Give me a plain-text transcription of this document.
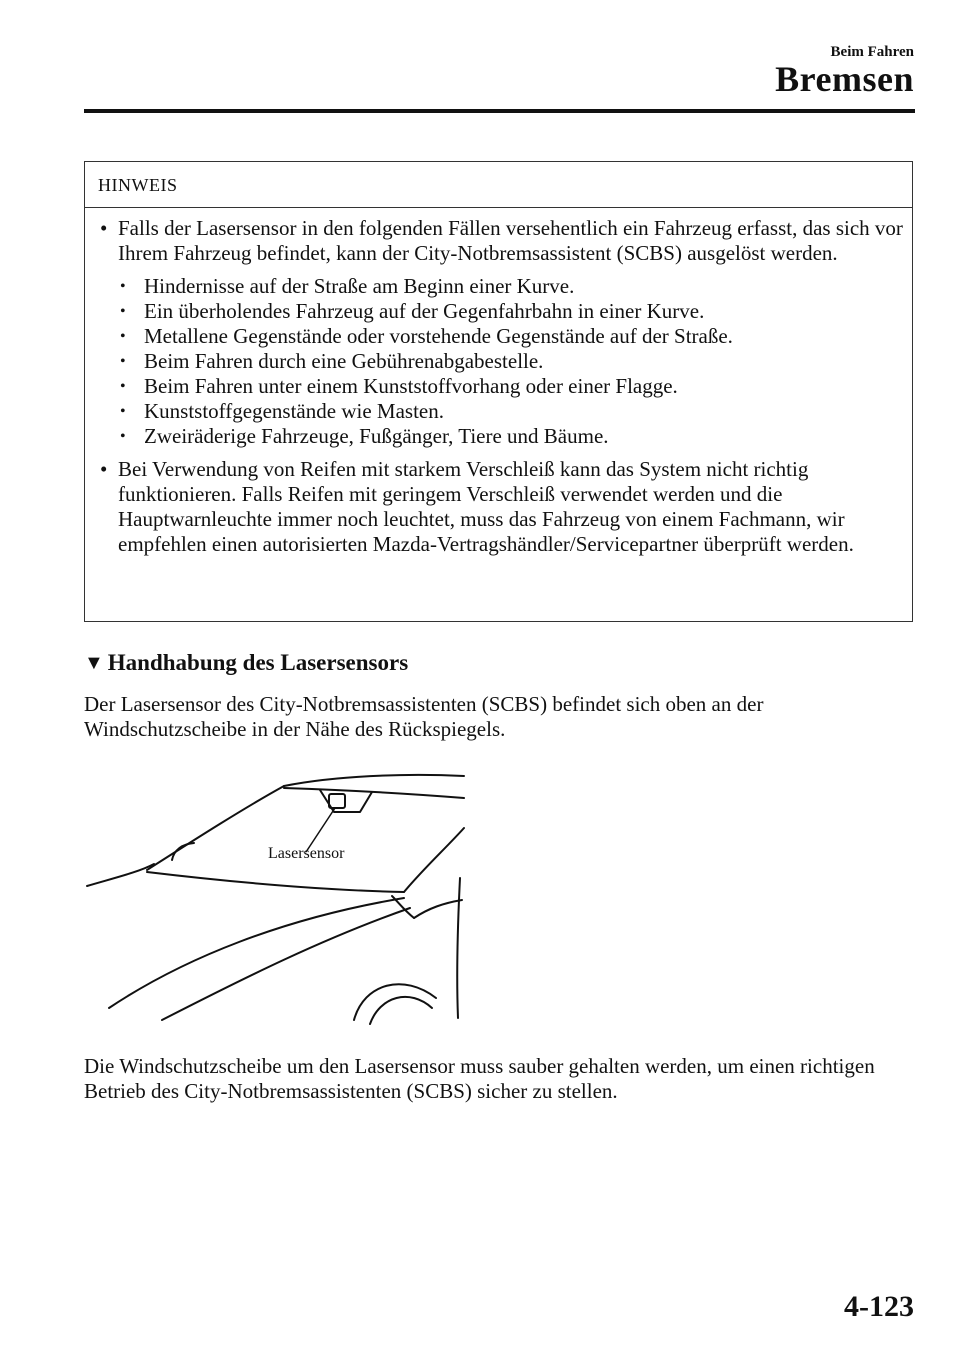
Beim Fahren
Bremsen
HINWEIS
• Falls der Lasersensor in den folgenden Fällen versehentlich ein Fahrzeug erfasst, das sich vor Ihrem Fahrzeug befindet, kann der City-Notbremsassistent (SCBS) ausgelöst werden.
• Hindernisse auf der Straße am Beginn einer Kurve.
• Ein überholendes Fahrzeug auf der Gegenfahrbahn in einer Kurve.
• Metallene Gegenstände oder vorstehende Gegenstände auf der Straße.
• Beim Fahren durch eine Gebührenabgabestelle.
• Beim Fahren unter einem Kunststoffvorhang oder einer Flagge.
• Kunststoffgegenstände wie Masten.
• Zweiräderige Fahrzeuge, Fußgänger, Tiere und Bäume.
• Bei Verwendung von Reifen mit starkem Verschleiß kann das System nicht richtig funktionieren. Falls Reifen mit geringem Verschleiß verwendet werden und die Hauptwarnleuchte immer noch leuchtet, muss das Fahrzeug von einem Fachmann, wir empfehlen einen autorisierten Mazda-Vertragshändler/Servicepartner überprüft werden.
▼ Handhabung des Lasersensors
Der Lasersensor des City-Notbremsassistenten (SCBS) befindet sich oben an der Windschutzscheibe in der Nähe des Rückspiegels.
Lasersensor
Die Windschutzscheibe um den Lasersensor muss sauber gehalten werden, um einen richtigen Betrieb des City-Notbremsassistenten (SCBS) sicher zu stellen.
4-123
